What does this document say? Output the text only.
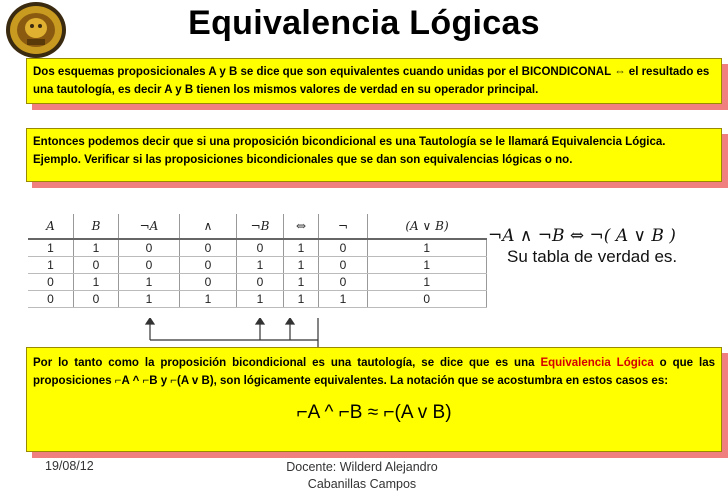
Equivalencia Lógicas
Dos esquemas proposicionales A y B se dice que son equivalentes cuando unidas por el BICONDICONAL ⇔ el resultado es una tautología, es decir A y B tienen los mismos valores de verdad en su operador principal.
Entonces podemos decir que si una proposición bicondicional es una Tautología se le llamará Equivalencia Lógica.
Ejemplo. Verificar si las proposiciones bicondicionales que se dan son equivalencias lógicas o no.
A	B	¬A	∧	¬B	⇔	¬	(A ∨ B)
1	1	0	0	0	1	0	1
1	0	0	0	1	1	0	1
0	1	1	0	0	1	0	1
0	0	1	1	1	1	1	0
¬A ∧ ¬B ⇔ ¬( A ∨ B )
Su tabla de verdad es.
Por lo tanto como la proposición bicondicional es una tautología, se dice que es una Equivalencia Lógica o que las proposiciones ⌐A ^ ⌐B y ⌐(A v B), son lógicamente equivalentes. La notación que se acostumbra en estos casos es:
⌐A ^ ⌐B ≈ ⌐(A v B)
19/08/12	Docente: Wilderd Alejandro
Cabanillas Campos
